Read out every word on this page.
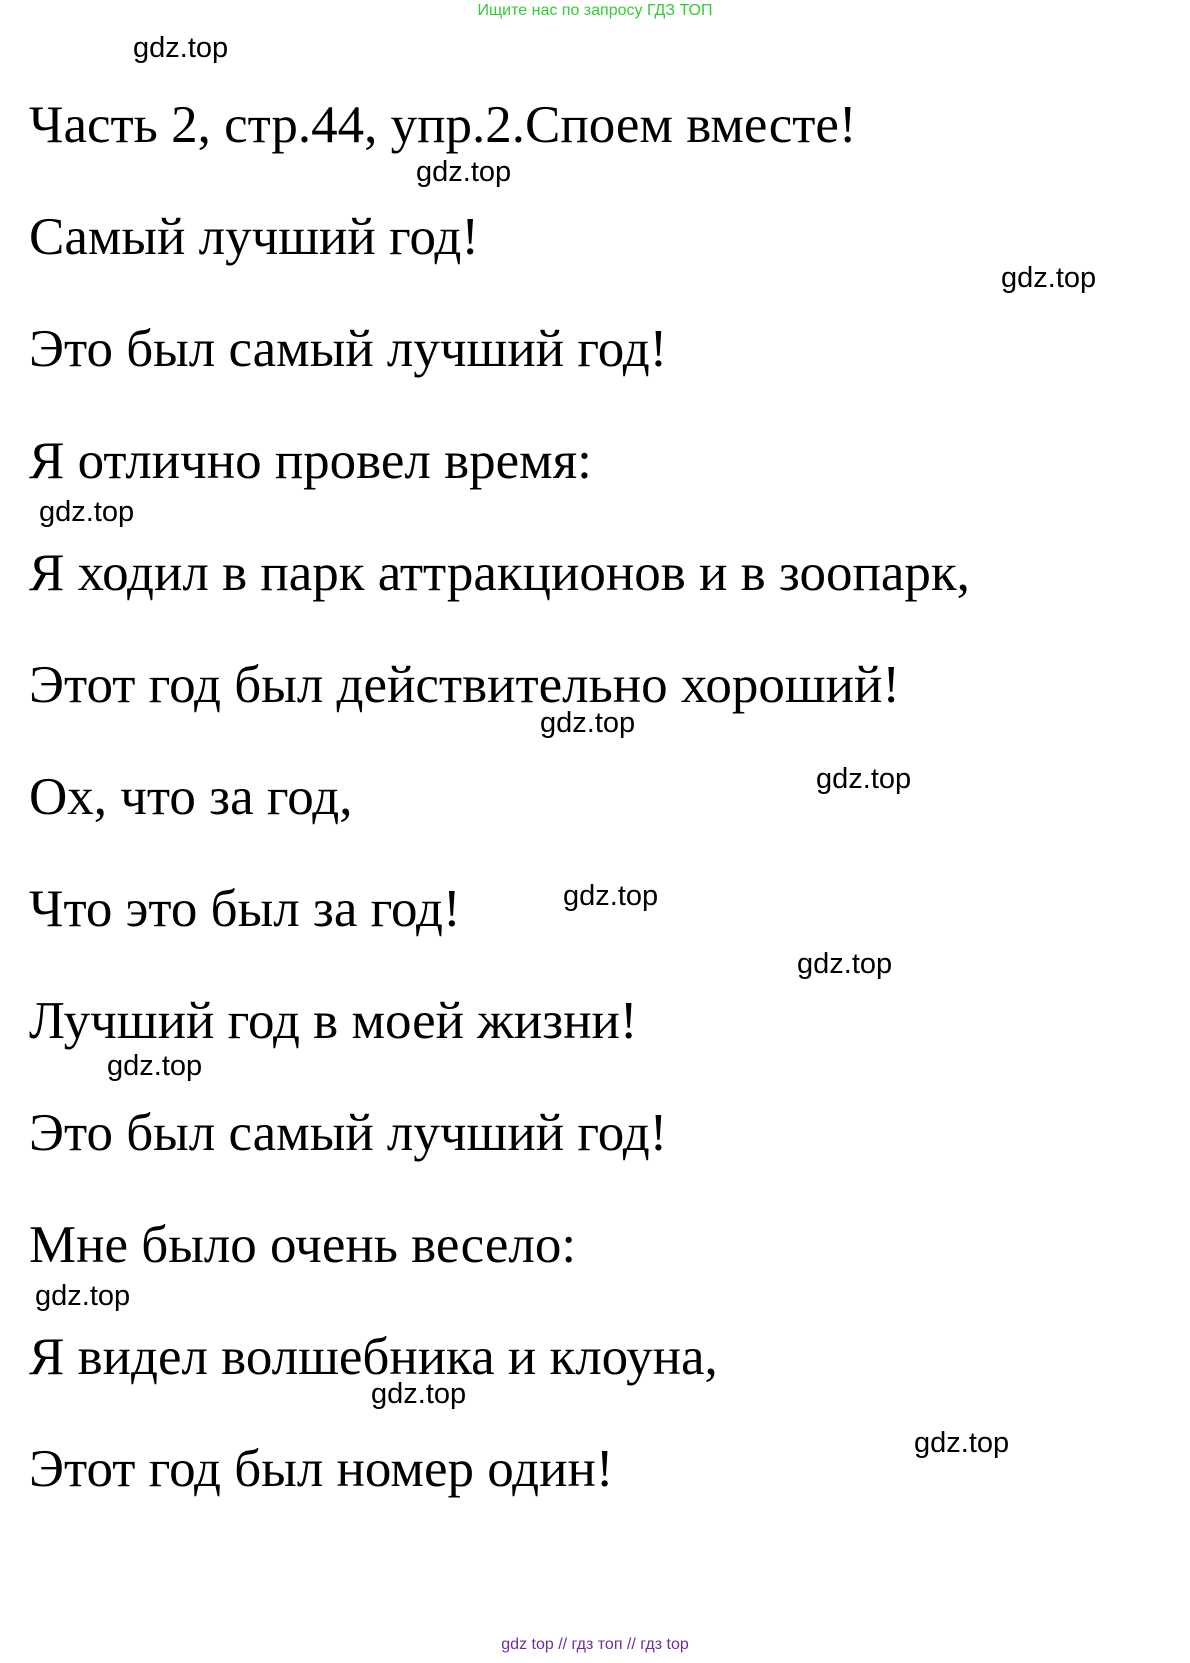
Ищите нас по запросу ГДЗ ТОП
gdz.top
Часть 2, стр.44, упр.2.Споем вместе!
gdz.top
Самый лучший год!
gdz.top
Это был самый лучший год!
Я отлично провел время:
gdz.top
Я ходил в парк аттракционов и в зоопарк,
Этот год был действительно хороший!
gdz.top
gdz.top
Ох, что за год,
Что это был за год!	gdz.top
gdz.top
Лучший год в моей жизни!
gdz.top
Это был самый лучший год!
Мне было очень весело:
gdz.top
Я видел волшебника и клоуна,
gdz.top
gdz.top
Этот год был номер один!
gdz top // гдз топ // гдз top
